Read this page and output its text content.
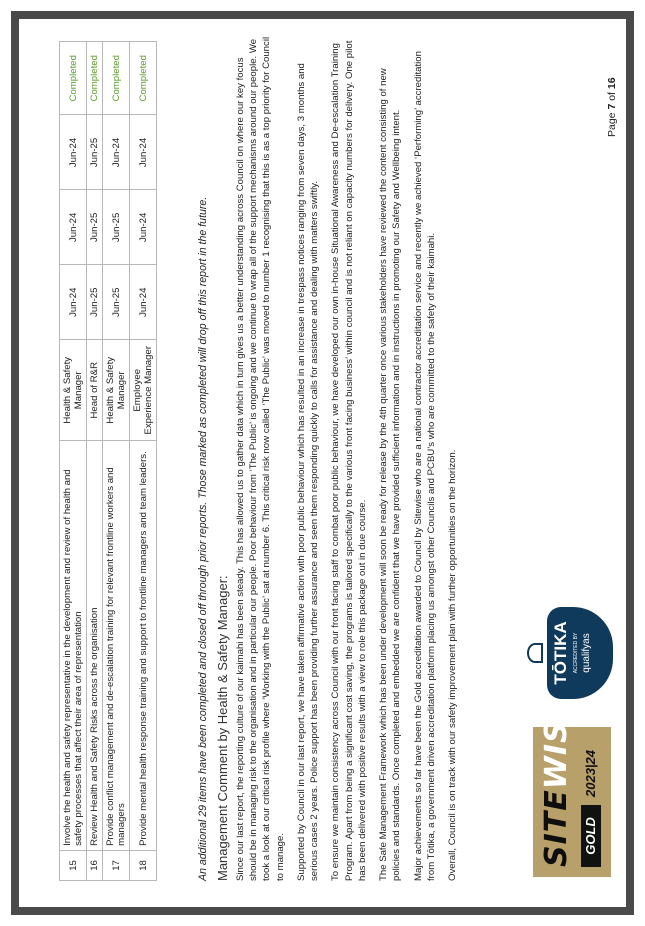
15	Involve the health and safety representative in the development and review of health and safety processes that affect their area of representation	Health & Safety Manager	Jun-24	Jun-24	Jun-24	Completed
16	Review Health and Safety Risks across the organisation	Head of R&R	Jun-25	Jun-25	Jun-25	Completed
17	Provide conflict management and de-escalation training for relevant frontline workers and managers	Health & Safety Manager	Jun-25	Jun-25	Jun-24	Completed
18	Provide mental health response training and support to frontline managers and team leaders.	Employee Experience Manager	Jun-24	Jun-24	Jun-24	Completed
An additional 29 items have been completed and closed off through prior reports. Those marked as completed will drop off this report in the future. Management Comment by Health & Safety Manager: Since our last report, the reporting culture of our kaimahi has been steady. This has allowed us to gather data which in turn gives us a better understanding across Council on where our key focus should be in managing risk to the organisation and in particular our people. Poor behaviour from ‘The Public’ is ongoing and we continue to wrap all of the support mechanisms around our people. We took a look at our critical risk profile where ‘Working with the Public’ sat at number 6. This critical risk now called ‘The Public’ was moved to number 1 recognising that this is as a top priority for Council to manage. Supported by Council in our last report, we have taken affirmative action with poor public behaviour which has resulted in an increase in trespass notices ranging from seven days, 3 months and serious cases 2 years. Police support has been providing further assurance and seen them responding quickly to calls for assistance and dealing with matters swiftly. To ensure we maintain consistency across Council with our front facing staff to combat poor public behaviour, we have developed our own in-house Situational Awareness and De-escalation Training Program. Apart from being a significant cost saving, the programs is tailored specifically to the various front facing business’ within council and is not reliant on capacity numbers for delivery. One pilot has been delivered with positive results with a view to role this package out in due course. The Safe Management Framework which has been under development will soon be ready for release by the 4th quarter once various stakeholders have reviewed the content consisting of new policies and standards. Once completed and embedded we are confident that we have provided sufficient information and in instructions in promoting our Safety and Wellbeing intent. Major achievements so far have been the Gold accreditation awarded to Council by Sitewise who are a national contractor accreditation service and recently we achieved ‘Performing’ accreditation from Tōtika, a government driven accreditation platform placing us amongst other Councils and PCBU’s who are committed to the safety of their kaimahi. Overall, Council is on track with our safety improvement plan with further opportunities on the horizon.	SITEWISE
GOLD
2023|24
TŌTIKA ACCREDITED BY qualifyas
Page 7 of 16
